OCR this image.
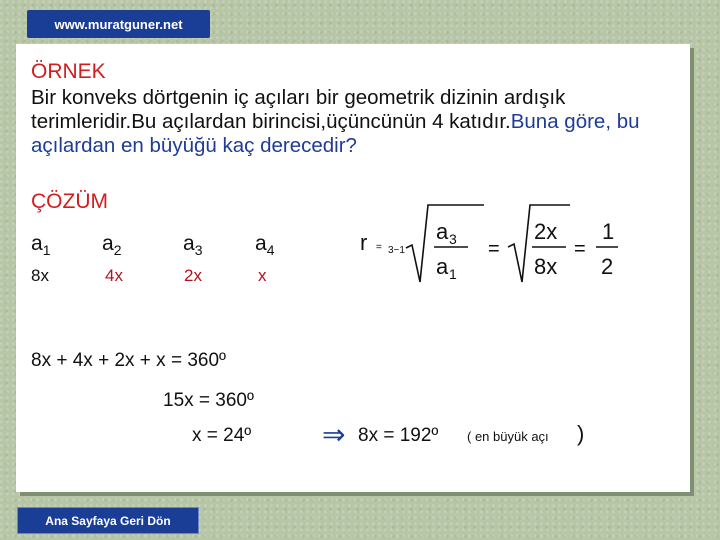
www.muratguner.net
ÖRNEK
Bir konveks dörtgenin iç açıları bir geometrik dizinin ardışık terimleridir.Bu açılardan birincisi,üçüncünün 4 katıdır.Buna göre, bu açılardan en büyüğü kaç derecedir?
ÇÖZÜM
$a_1$ $a_2$	$a_3$	$a_4$
8x	4x	2x	x
r = 3−1
a 3
a 1
=
2x
8x
=
1
2
8x + 4x + 2x + x = 360º
15x = 360º
x = 24º	⇒ 8x = 192º ( en büyük açı )
Ana Sayfaya Geri Dön
